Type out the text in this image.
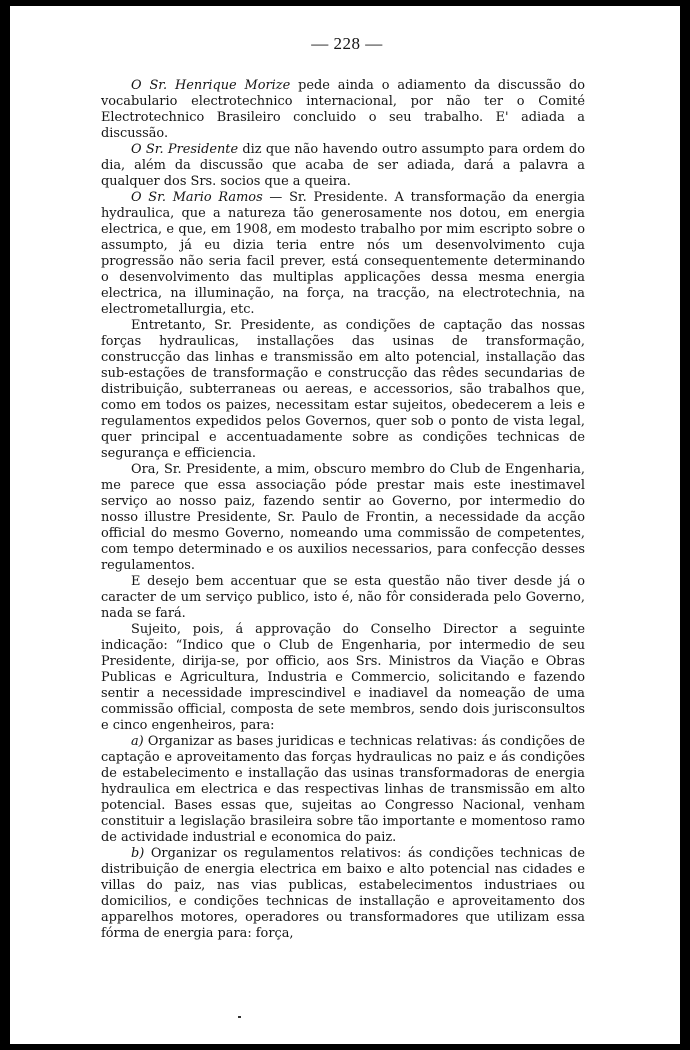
— 228 —

O Sr. Henrique Morize pede ainda o adiamento da discussão do vocabulario electrotechnico internacional, por não ter o Comité Electrotechnico Brasileiro concluido o seu trabalho. E' adiada a discussão.

O Sr. Presidente diz que não havendo outro assumpto para ordem do dia, além da discussão que acaba de ser adiada, dará a palavra a qualquer dos Srs. socios que a queira.

O Sr. Mario Ramos — Sr. Presidente. A transformação da energia hydraulica, que a natureza tão generosamente nos dotou, em energia electrica, e que, em 1908, em modesto trabalho por mim escripto sobre o assumpto, já eu dizia teria entre nós um desenvolvimento cuja progressão não seria facil prever, está consequentemente determinando o desenvolvimento das multiplas applicações dessa mesma energia electrica, na illuminação, na força, na tracção, na electrotechnia, na electrometallurgia, etc.

Entretanto, Sr. Presidente, as condições de captação das nossas forças hydraulicas, installações das usinas de transformação, construcção das linhas e transmissão em alto potencial, installação das sub-estações de transformação e construcção das rêdes secundarias de distribuição, subterraneas ou aereas, e accessorios, são trabalhos que, como em todos os paizes, necessitam estar sujeitos, obedecerem a leis e regulamentos expedidos pelos Governos, quer sob o ponto de vista legal, quer principal e accentuadamente sobre as condições technicas de segurança e efficiencia.

Ora, Sr. Presidente, a mim, obscuro membro do Club de Engenharia, me parece que essa associação póde prestar mais este inestimavel serviço ao nosso paiz, fazendo sentir ao Governo, por intermedio do nosso illustre Presidente, Sr. Paulo de Frontin, a necessidade da acção official do mesmo Governo, nomeando uma commissão de competentes, com tempo determinado e os auxilios necessarios, para confecção desses regulamentos.

E desejo bem accentuar que se esta questão não tiver desde já o caracter de um serviço publico, isto é, não fôr considerada pelo Governo, nada se fará.

Sujeito, pois, á approvação do Conselho Director a seguinte indicação: “Indico que o Club de Engenharia, por intermedio de seu Presidente, dirija-se, por officio, aos Srs. Ministros da Viação e Obras Publicas e Agricultura, Industria e Commercio, solicitando e fazendo sentir a necessidade imprescindivel e inadiavel da nomeação de uma commissão official, composta de sete membros, sendo dois jurisconsultos e cinco engenheiros, para:

a) Organizar as bases juridicas e technicas relativas: ás condições de captação e aproveitamento das forças hydraulicas no paiz e ás condições de estabelecimento e installação das usinas transformadoras de energia hydraulica em electrica e das respectivas linhas de transmissão em alto potencial. Bases essas que, sujeitas ao Congresso Nacional, venham constituir a legislação brasileira sobre tão importante e momentoso ramo de actividade industrial e economica do paiz.

b) Organizar os regulamentos relativos: ás condições technicas de distribuição de energia electrica em baixo e alto potencial nas cidades e villas do paiz, nas vias publicas, estabelecimentos industriaes ou domicilios, e condições technicas de installação e aproveitamento dos apparelhos motores, operadores ou transformadores que utilizam essa fórma de energia para: força,
